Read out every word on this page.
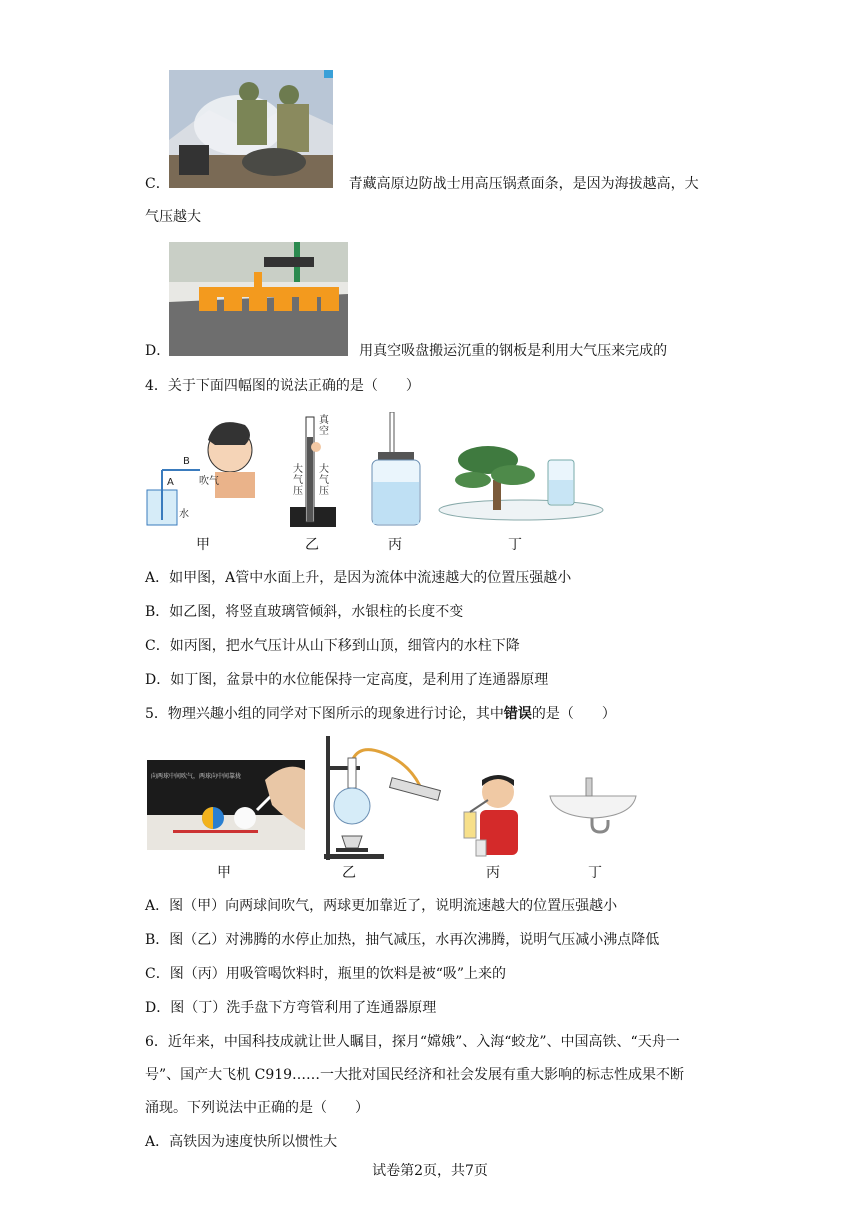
C．	青藏高原边防战士用高压锅煮面条，是因为海拔越高，大
气压越大
D．	用真空吸盘搬运沉重的钢板是利用大气压来完成的
4．关于下面四幅图的说法正确的是（　　）
B
A	吹气
水
甲
真空
大气压
大气压
乙	丙	丁
A．如甲图，A管中水面上升，是因为流体中流速越大的位置压强越小
B．如乙图，将竖直玻璃管倾斜，水银柱的长度不变
C．如丙图，把水气压计从山下移到山顶，细管内的水柱下降
D．如丁图，盆景中的水位能保持一定高度，是利用了连通器原理
5．物理兴趣小组的同学对下图所示的现象进行讨论，其中错误的是（　　）
向两球中间吹气，两球向中间靠拢
甲	乙	丙	丁
A．图（甲）向两球间吹气，两球更加靠近了，说明流速越大的位置压强越小
B．图（乙）对沸腾的水停止加热，抽气减压，水再次沸腾，说明气压减小沸点降低
C．图（丙）用吸管喝饮料时，瓶里的饮料是被“吸”上来的
D．图（丁）洗手盘下方弯管利用了连通器原理
6．近年来，中国科技成就让世人瞩目，探月“嫦娥”、入海“蛟龙”、中国高铁、“天舟一
号”、国产大飞机 C919……一大批对国民经济和社会发展有重大影响的标志性成果不断
涌现。下列说法中正确的是（　　）
A．高铁因为速度快所以惯性大
试卷第2页，共7页
